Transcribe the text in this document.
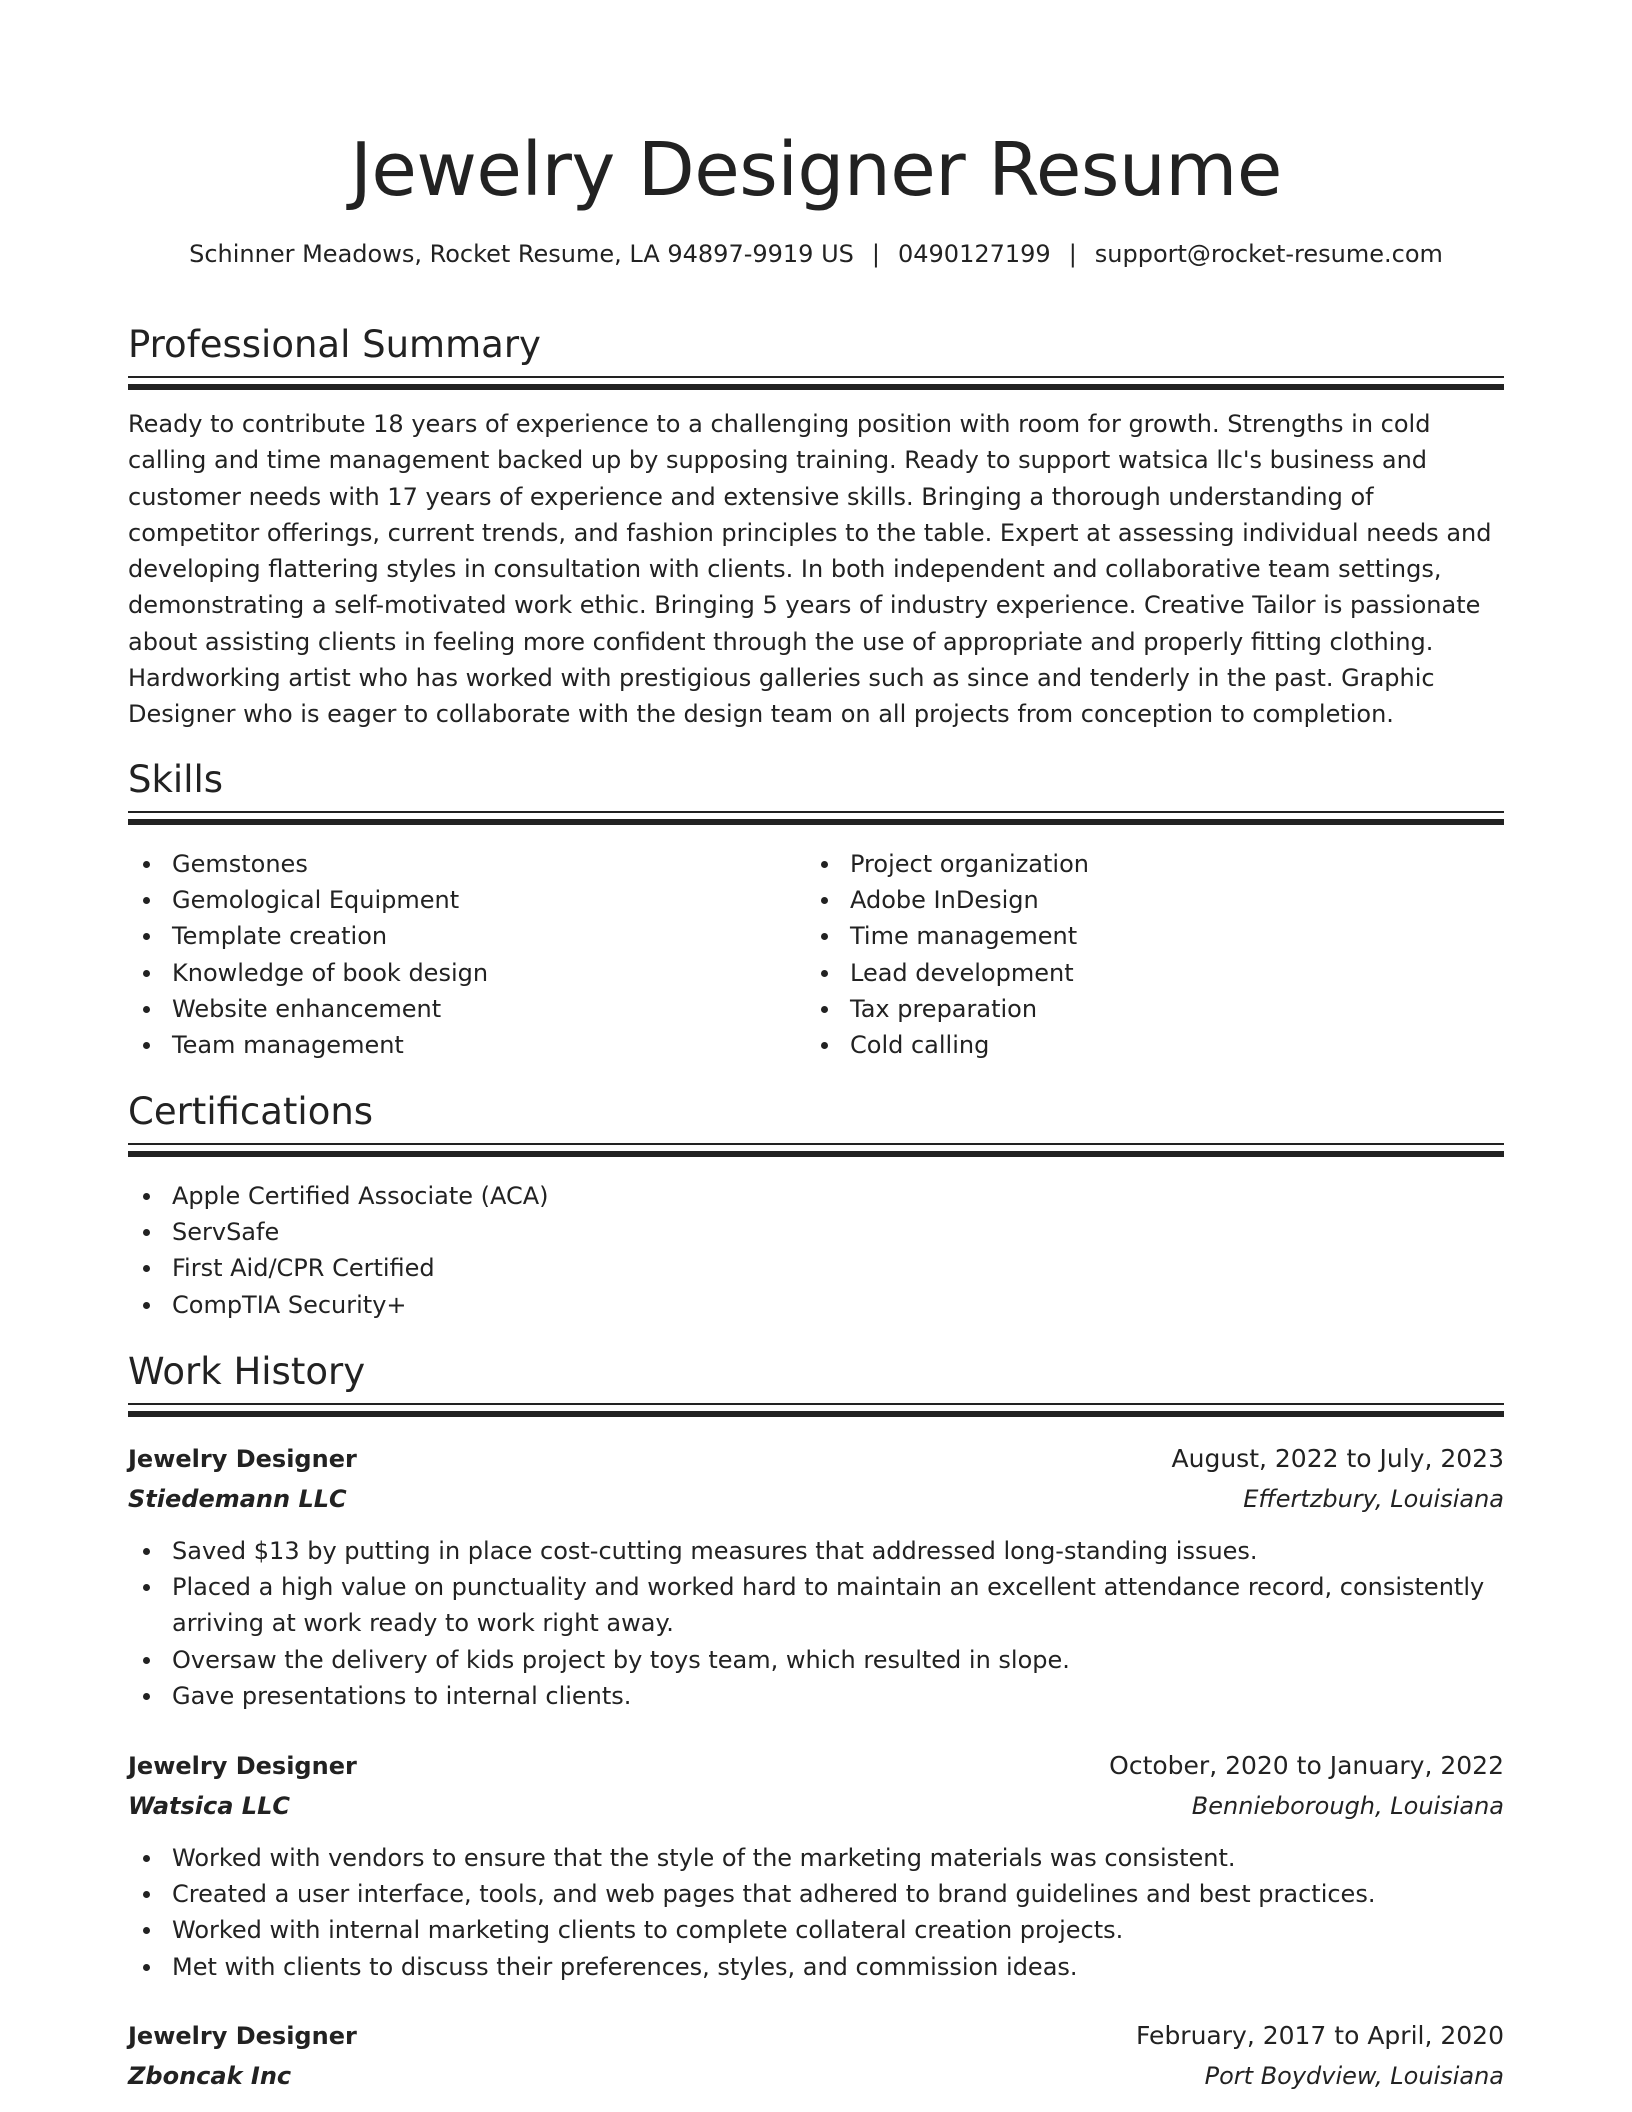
Jewelry Designer Resume
Schinner Meadows, Rocket Resume, LA 94897-9919 US | 0490127199 | support@rocket-resume.com
Professional Summary

Ready to contribute 18 years of experience to a challenging position with room for growth. Strengths in cold calling and time management backed up by supposing training. Ready to support watsica llc's business and customer needs with 17 years of experience and extensive skills. Bringing a thorough understanding of competitor offerings, current trends, and fashion principles to the table. Expert at assessing individual needs and developing flattering styles in consultation with clients. In both independent and collaborative team settings, demonstrating a self-motivated work ethic. Bringing 5 years of industry experience. Creative Tailor is passionate about assisting clients in feeling more confident through the use of appropriate and properly fitting clothing. Hardworking artist who has worked with prestigious galleries such as since and tenderly in the past. Graphic Designer who is eager to collaborate with the design team on all projects from conception to completion.

Skills
Gemstones
Gemological Equipment
Template creation
Knowledge of book design
Website enhancement
Team management
Project organization
Adobe InDesign
Time management
Lead development
Tax preparation
Cold calling
Certifications
Apple Certified Associate (ACA)
ServSafe
First Aid/CPR Certified
CompTIA Security+
Work History
Jewelry Designer	August, 2022 to July, 2023
Stiedemann LLC	Effertzbury, Louisiana
Saved $13 by putting in place cost-cutting measures that addressed long-standing issues.
Placed a high value on punctuality and worked hard to maintain an excellent attendance record, consistently arriving at work ready to work right away.
Oversaw the delivery of kids project by toys team, which resulted in slope.
Gave presentations to internal clients.
Jewelry Designer	October, 2020 to January, 2022
Watsica LLC	Bennieborough, Louisiana
Worked with vendors to ensure that the style of the marketing materials was consistent.
Created a user interface, tools, and web pages that adhered to brand guidelines and best practices.
Worked with internal marketing clients to complete collateral creation projects.
Met with clients to discuss their preferences, styles, and commission ideas.
Jewelry Designer	February, 2017 to April, 2020
Zboncak Inc	Port Boydview, Louisiana
